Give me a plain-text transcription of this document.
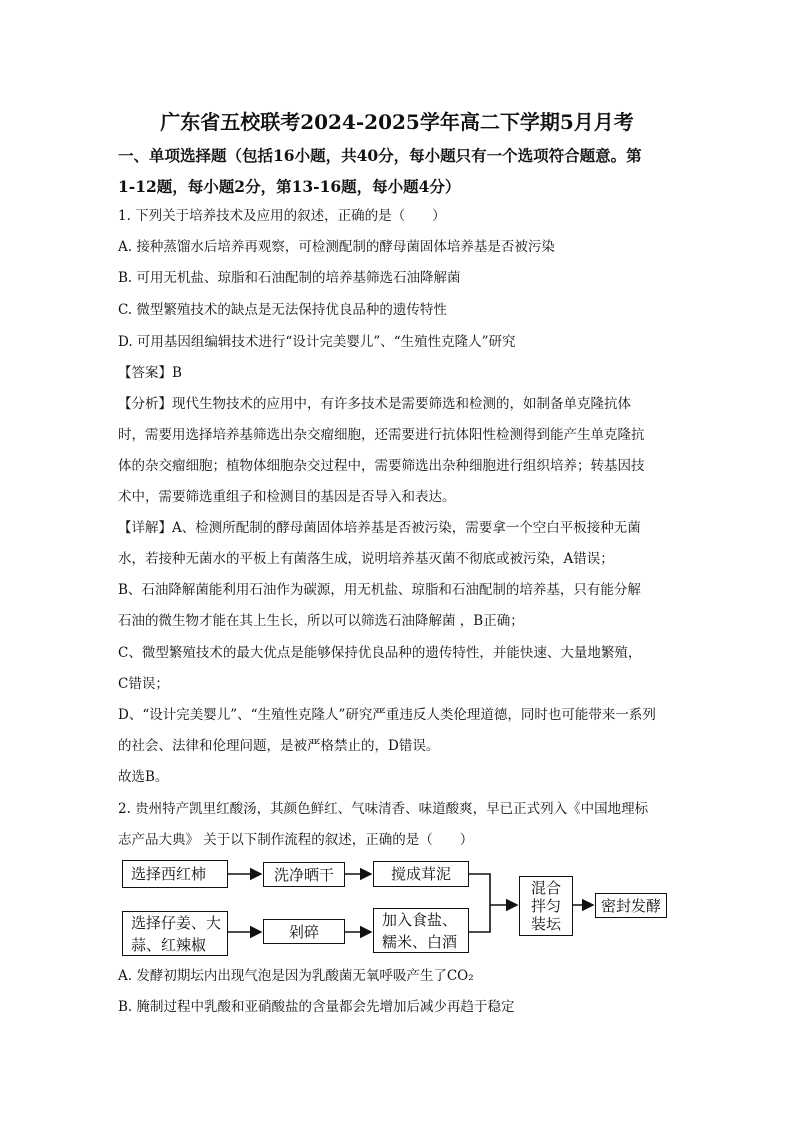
广东省五校联考2024-2025学年高二下学期5月月考
一、单项选择题（包括16小题，共40分，每小题只有一个选项符合题意。第
1-12题，每小题2分，第13-16题，每小题4分）
1. 下列关于培养技术及应用的叙述，正确的是（　　）
A. 接种蒸馏水后培养再观察，可检测配制的酵母菌固体培养基是否被污染
B. 可用无机盐、琼脂和石油配制的培养基筛选石油降解菌
C. 微型繁殖技术的缺点是无法保持优良品种的遗传特性
D. 可用基因组编辑技术进行“设计完美婴儿”、“生殖性克隆人”研究
【答案】B
【分析】现代生物技术的应用中，有许多技术是需要筛选和检测的，如制备单克隆抗体
时，需要用选择培养基筛选出杂交瘤细胞，还需要进行抗体阳性检测得到能产生单克隆抗
体的杂交瘤细胞；植物体细胞杂交过程中，需要筛选出杂种细胞进行组织培养；转基因技
术中，需要筛选重组子和检测目的基因是否导入和表达。
【详解】A、检测所配制的酵母菌固体培养基是否被污染，需要拿一个空白平板接种无菌
水，若接种无菌水的平板上有菌落生成，说明培养基灭菌不彻底或被污染，A错误；
B、石油降解菌能利用石油作为碳源，用无机盐、琼脂和石油配制的培养基，只有能分解
石油的微生物才能在其上生长，所以可以筛选石油降解菌 ，B正确；
C、微型繁殖技术的最大优点是能够保持优良品种的遗传特性，并能快速、大量地繁殖，
C错误；
D、“设计完美婴儿”、“生殖性克隆人”研究严重违反人类伦理道德，同时也可能带来一系列
的社会、法律和伦理问题，是被严格禁止的，D错误。
故选B。
2. 贵州特产凯里红酸汤，其颜色鲜红、气味清香、味道酸爽，早已正式列入《中国地理标
志产品大典》 关于以下制作流程的叙述，正确的是（　　）
选择西红柿	洗净晒干	搅成茸泥
选择仔姜、大
蒜、红辣椒
剁碎
加入食盐、
糯米、白酒
混合
拌匀
装坛
密封发酵
A. 发酵初期坛内出现气泡是因为乳酸菌无氧呼吸产生了CO₂
B. 腌制过程中乳酸和亚硝酸盐的含量都会先增加后减少再趋于稳定
